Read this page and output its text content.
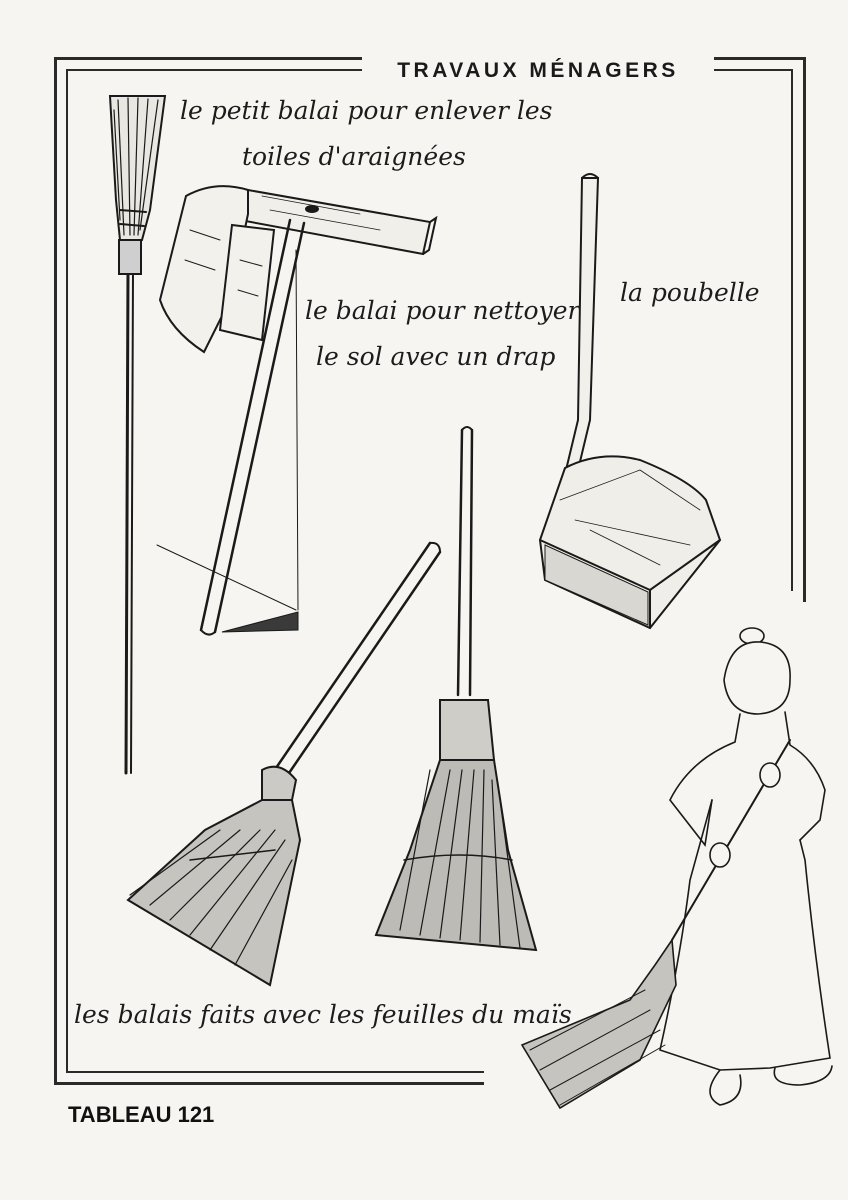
TRAVAUX MÉNAGERS
le petit balai pour enlever les
toiles d'araignées
le balai pour nettoyer
le sol avec un drap
la poubelle
les balais faits avec les feuilles du maïs
TABLEAU 121
